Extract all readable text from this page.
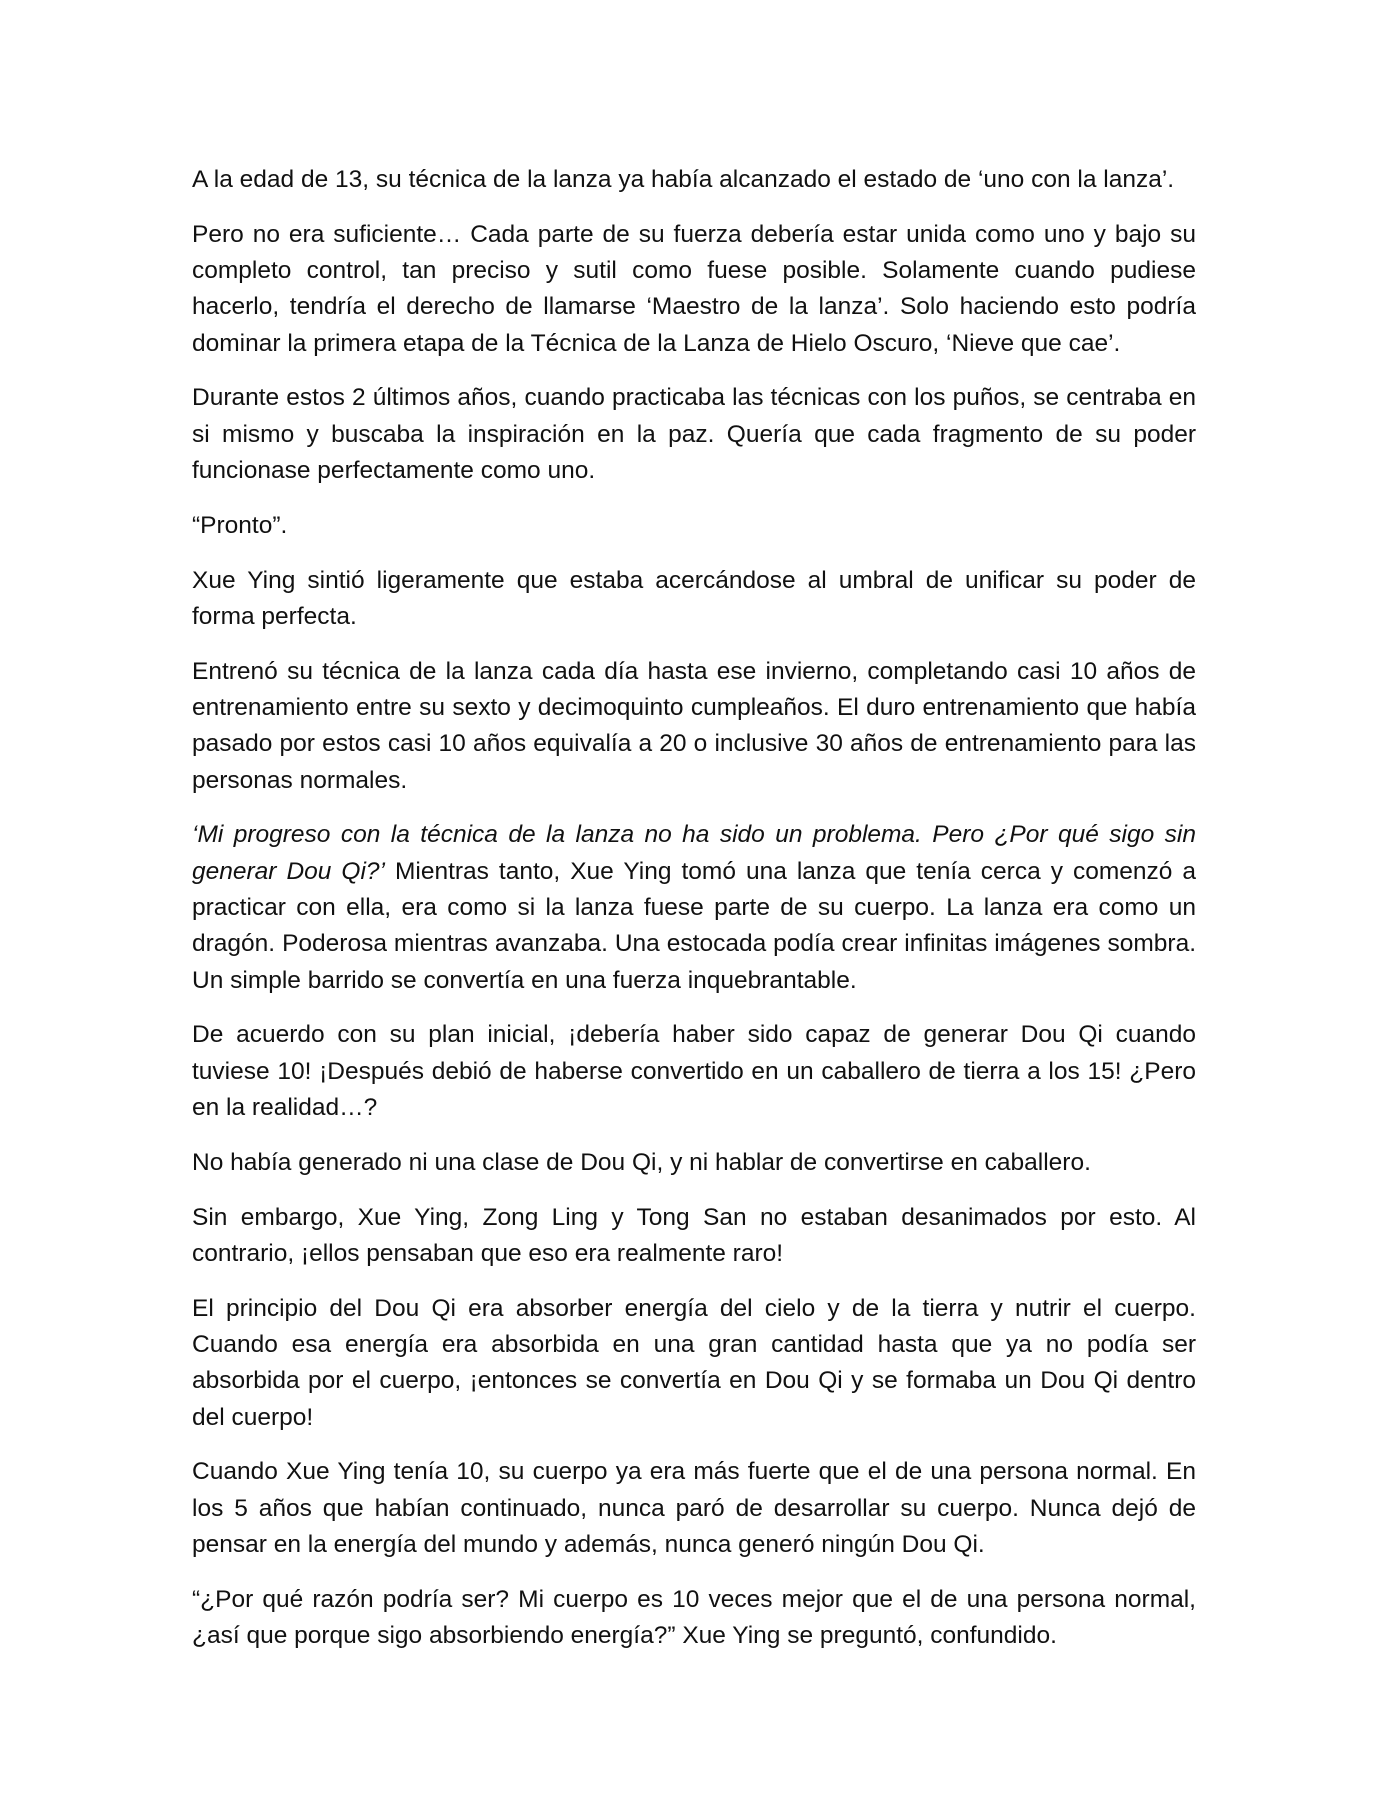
A la edad de 13, su técnica de la lanza ya había alcanzado el estado de ‘uno con la lanza’.

Pero no era suficiente… Cada parte de su fuerza debería estar unida como uno y bajo su completo control, tan preciso y sutil como fuese posible. Solamente cuando pudiese hacerlo, tendría el derecho de llamarse ‘Maestro de la lanza’. Solo haciendo esto podría dominar la primera etapa de la Técnica de la Lanza de Hielo Oscuro, ‘Nieve que cae’.

Durante estos 2 últimos años, cuando practicaba las técnicas con los puños, se centraba en si mismo y buscaba la inspiración en la paz. Quería que cada fragmento de su poder funcionase perfectamente como uno.

“Pronto”.

Xue Ying sintió ligeramente que estaba acercándose al umbral de unificar su poder de forma perfecta.

Entrenó su técnica de la lanza cada día hasta ese invierno, completando casi 10 años de entrenamiento entre su sexto y decimoquinto cumpleaños. El duro entrenamiento que había pasado por estos casi 10 años equivalía a 20 o inclusive 30 años de entrenamiento para las personas normales.

‘Mi progreso con la técnica de la lanza no ha sido un problema. Pero ¿Por qué sigo sin generar Dou Qi?’ Mientras tanto, Xue Ying tomó una lanza que tenía cerca y comenzó a practicar con ella, era como si la lanza fuese parte de su cuerpo. La lanza era como un dragón. Poderosa mientras avanzaba. Una estocada podía crear infinitas imágenes sombra. Un simple barrido se convertía en una fuerza inquebrantable.

De acuerdo con su plan inicial, ¡debería haber sido capaz de generar Dou Qi cuando tuviese 10! ¡Después debió de haberse convertido en un caballero de tierra a los 15! ¿Pero en la realidad…?

No había generado ni una clase de Dou Qi, y ni hablar de convertirse en caballero.

Sin embargo, Xue Ying, Zong Ling y Tong San no estaban desanimados por esto. Al contrario, ¡ellos pensaban que eso era realmente raro!

El principio del Dou Qi era absorber energía del cielo y de la tierra y nutrir el cuerpo. Cuando esa energía era absorbida en una gran cantidad hasta que ya no podía ser absorbida por el cuerpo, ¡entonces se convertía en Dou Qi y se formaba un Dou Qi dentro del cuerpo!

Cuando Xue Ying tenía 10, su cuerpo ya era más fuerte que el de una persona normal. En los 5 años que habían continuado, nunca paró de desarrollar su cuerpo. Nunca dejó de pensar en la energía del mundo y además, nunca generó ningún Dou Qi.

“¿Por qué razón podría ser? Mi cuerpo es 10 veces mejor que el de una persona normal, ¿así que porque sigo absorbiendo energía?” Xue Ying se preguntó, confundido.
